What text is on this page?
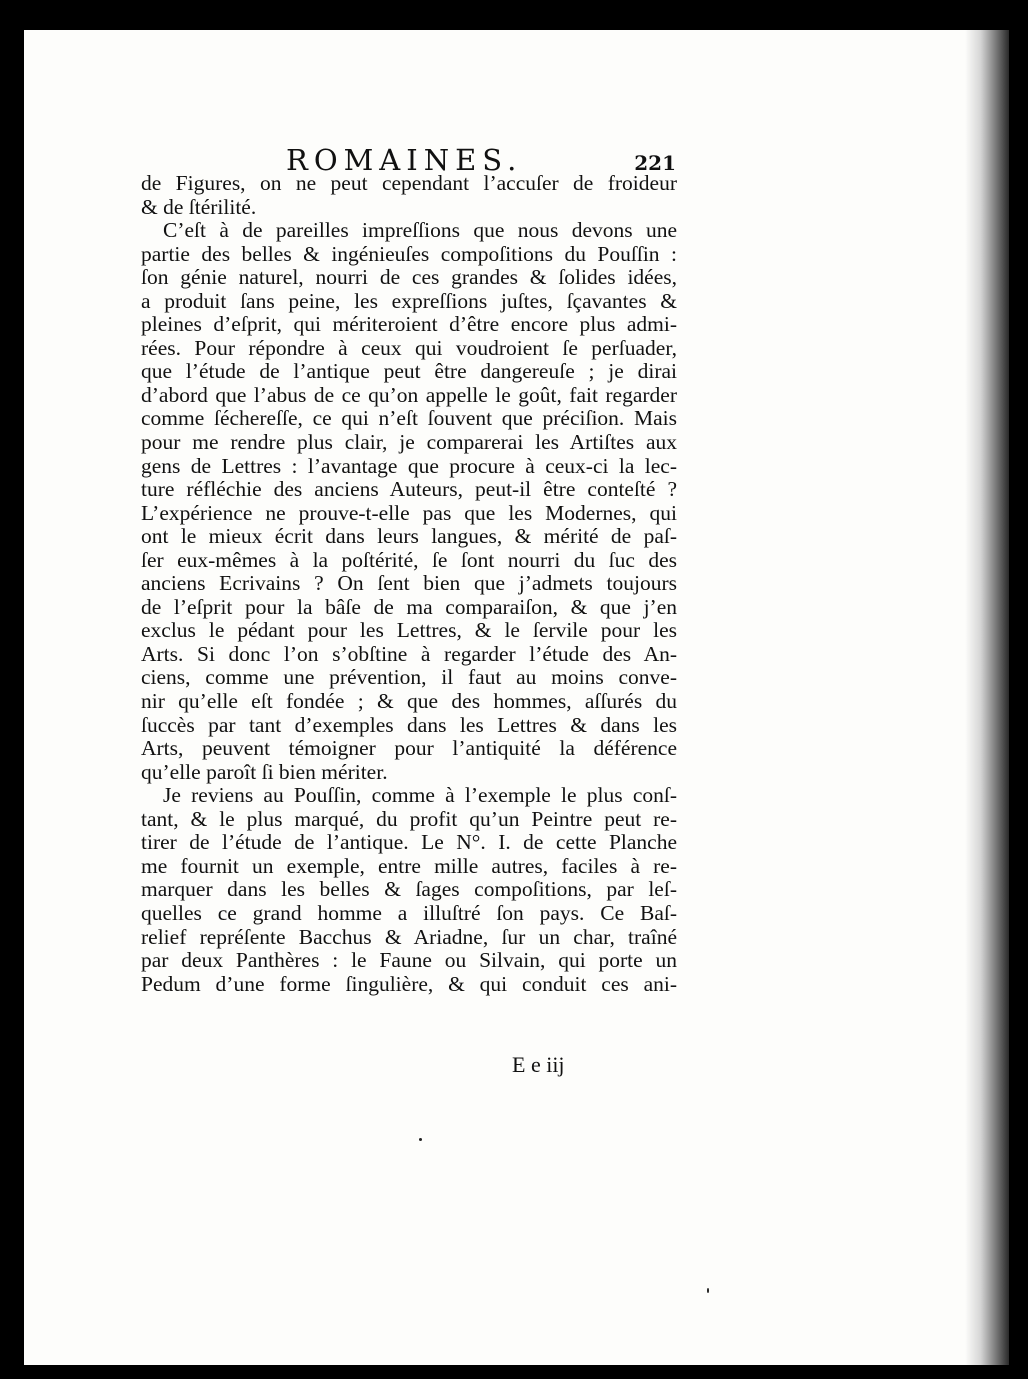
ROMAINES.	221

de Figures, on ne peut cependant l’accuſer de froideur
& de ſtérilité.

C’eſt à de pareilles impreſſions que nous devons une
partie des belles & ingénieuſes compoſitions du Pouſſin :
ſon génie naturel, nourri de ces grandes & ſolides idées,
a produit ſans peine, les expreſſions juſtes, ſçavantes &
pleines d’eſprit, qui mériteroient d’être encore plus admi-
rées. Pour répondre à ceux qui voudroient ſe perſuader,
que l’étude de l’antique peut être dangereuſe ; je dirai
d’abord que l’abus de ce qu’on appelle le goût, fait regarder
comme ſéchereſſe, ce qui n’eſt ſouvent que préciſion. Mais
pour me rendre plus clair, je comparerai les Artiſtes aux
gens de Lettres : l’avantage que procure à ceux-ci la lec-
ture réfléchie des anciens Auteurs, peut-il être conteſté ?
L’expérience ne prouve-t-elle pas que les Modernes, qui
ont le mieux écrit dans leurs langues, & mérité de paſ-
ſer eux-mêmes à la poſtérité, ſe ſont nourri du ſuc des
anciens Ecrivains ? On ſent bien que j’admets toujours
de l’eſprit pour la bâſe de ma comparaiſon, & que j’en
exclus le pédant pour les Lettres, & le ſervile pour les
Arts. Si donc l’on s’obſtine à regarder l’étude des An-
ciens, comme une prévention, il faut au moins conve-
nir qu’elle eſt fondée ; & que des hommes, aſſurés du
ſuccès par tant d’exemples dans les Lettres & dans les
Arts, peuvent témoigner pour l’antiquité la déférence
qu’elle paroît ſi bien mériter.

Je reviens au Pouſſin, comme à l’exemple le plus conſ-
tant, & le plus marqué, du profit qu’un Peintre peut re-
tirer de l’étude de l’antique. Le N°. I. de cette Planche
me fournit un exemple, entre mille autres, faciles à re-
marquer dans les belles & ſages compoſitions, par leſ-
quelles ce grand homme a illuſtré ſon pays. Ce Baſ-
relief repréſente Bacchus & Ariadne, ſur un char, traîné
par deux Panthères : le Faune ou Silvain, qui porte un
Pedum d’une forme ſingulière, & qui conduit ces ani-

E e iij
